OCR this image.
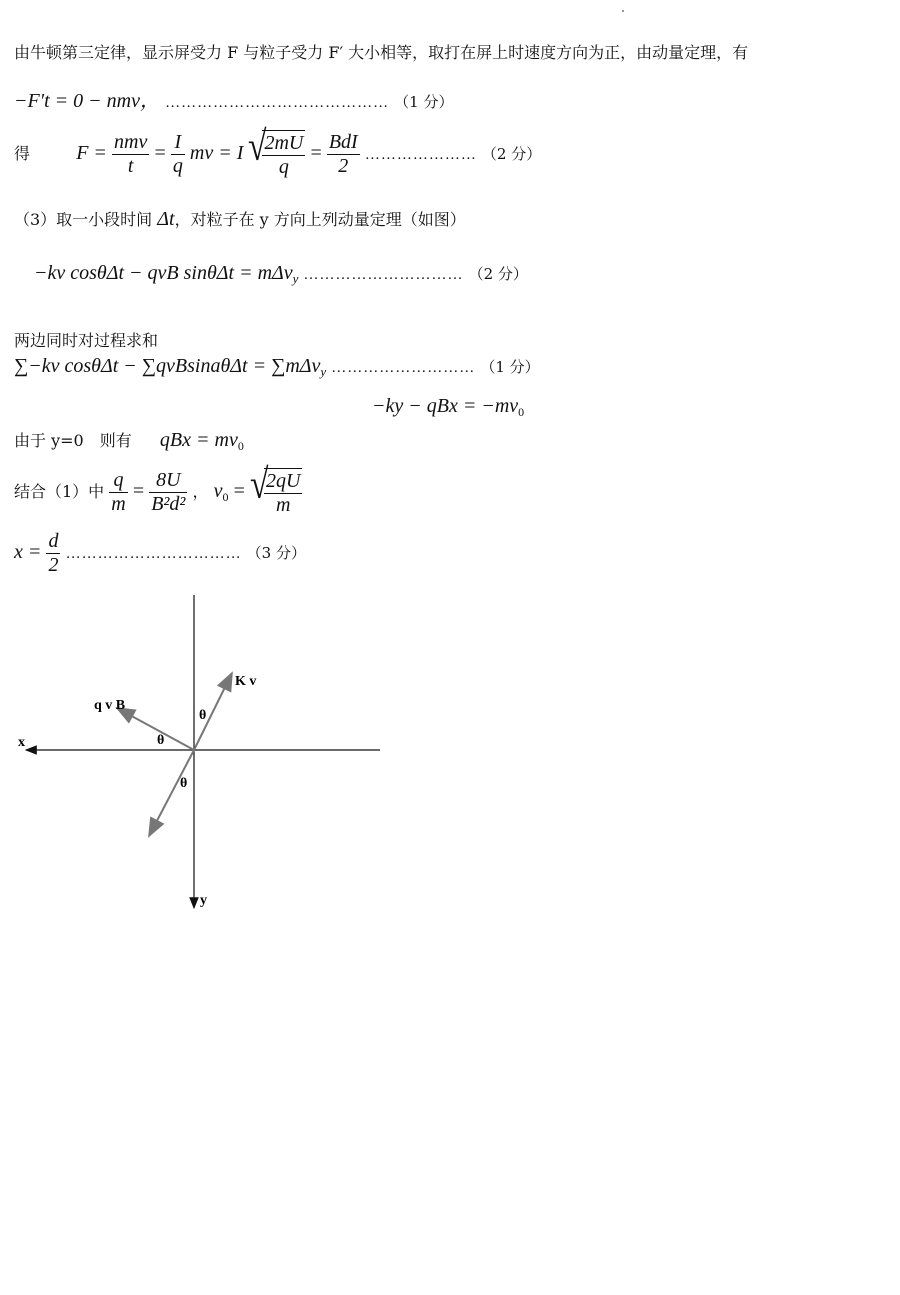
由牛顿第三定律，显示屏受力 F 与粒子受力 F′ 大小相等，取打在屏上时速度方向为正，由动量定理，有
−F′t = 0 − nmv， …………………………………… （1 分）
得 $F = \frac{\text{nmv}}{t} = \frac{I}{q}$ mv = I √
$\frac{2mU}{q} = \frac{\text{BdI}}{2}$ ………………… （2 分）
（3）取一小段时间 Δt，对粒子在 y 方向上列动量定理（如图）
−kv cosθΔt − qvB sinθΔt = mΔv$_y$ ………………………… （2 分）
两边同时对过程求和
∑−kv cosθΔt − ∑qvBsinaθΔt = ∑mΔv$_y$ ……………………… （1 分）
−ky − qBx = $-mv_0$
由于 y=0　则有 qBx = $mv_0$
结合（1）中 $\frac{q}{m} = \frac{8U}{\text{B²d²}}$ ， $v_0$ = √
$\frac{2qU}{m}$
$x = \frac{d}{2}$ …………………………… （3 分）
x
y
K v
q v B
θ
θ
θ
